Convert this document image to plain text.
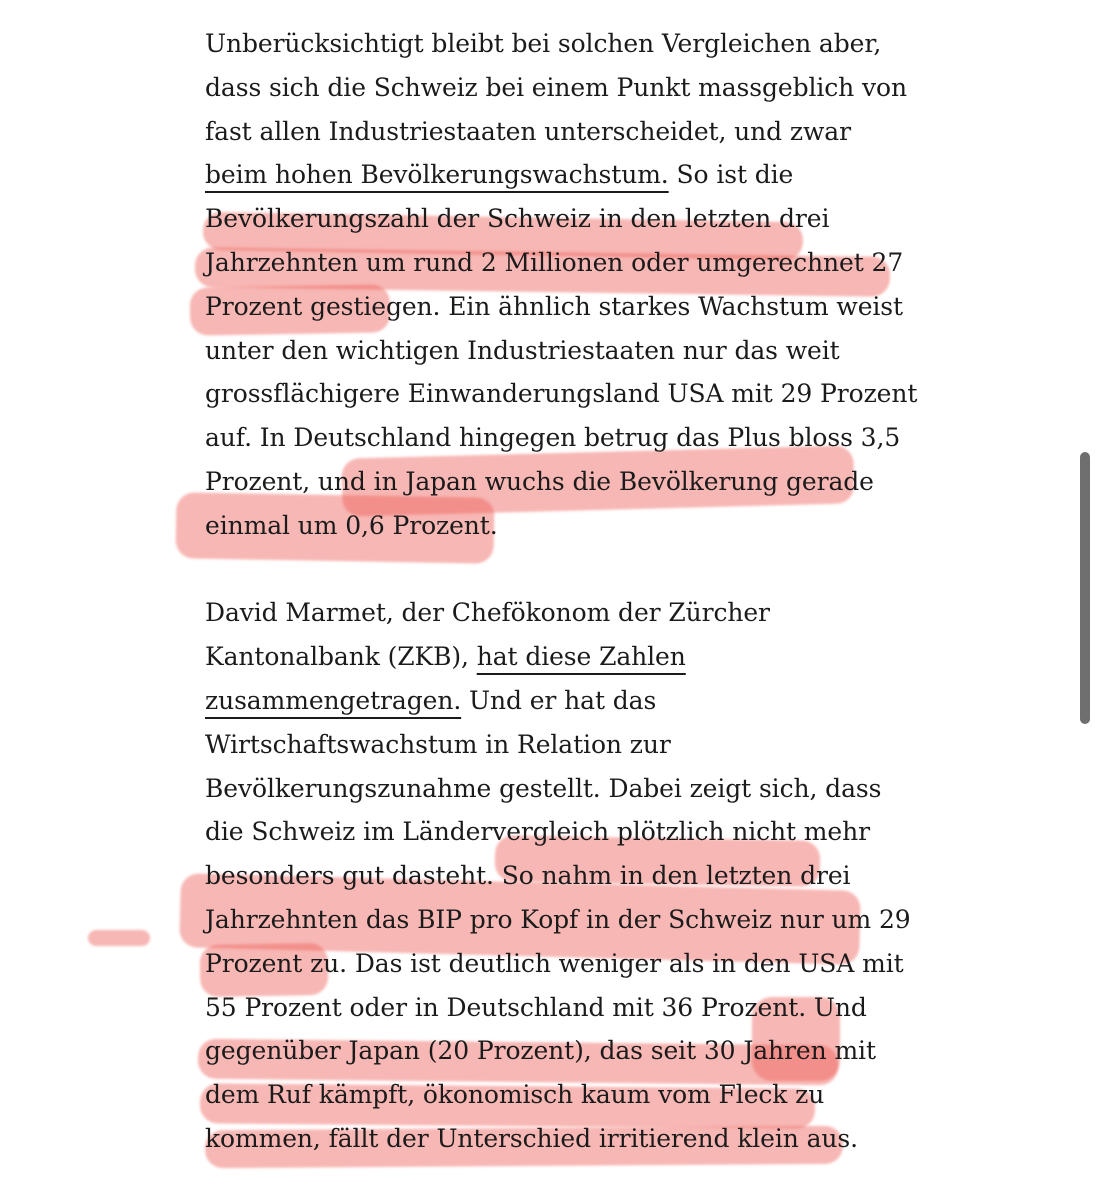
Unberücksichtigt bleibt bei solchen Vergleichen aber,
dass sich die Schweiz bei einem Punkt massgeblich von
fast allen Industriestaaten unterscheidet, und zwar
beim hohen Bevölkerungswachstum. So ist die
Bevölkerungszahl der Schweiz in den letzten drei
Jahrzehnten um rund 2 Millionen oder umgerechnet 27
Prozent gestiegen. Ein ähnlich starkes Wachstum weist
unter den wichtigen Industriestaaten nur das weit
grossflächigere Einwanderungsland USA mit 29 Prozent
auf. In Deutschland hingegen betrug das Plus bloss 3,5
Prozent, und in Japan wuchs die Bevölkerung gerade
einmal um 0,6 Prozent.
David Marmet, der Chefökonom der Zürcher
Kantonalbank (ZKB), hat diese Zahlen
zusammengetragen. Und er hat das
Wirtschaftswachstum in Relation zur
Bevölkerungszunahme gestellt. Dabei zeigt sich, dass
die Schweiz im Ländervergleich plötzlich nicht mehr
besonders gut dasteht. So nahm in den letzten drei
Jahrzehnten das BIP pro Kopf in der Schweiz nur um 29
Prozent zu. Das ist deutlich weniger als in den USA mit
55 Prozent oder in Deutschland mit 36 Prozent. Und
gegenüber Japan (20 Prozent), das seit 30 Jahren mit
dem Ruf kämpft, ökonomisch kaum vom Fleck zu
kommen, fällt der Unterschied irritierend klein aus.
